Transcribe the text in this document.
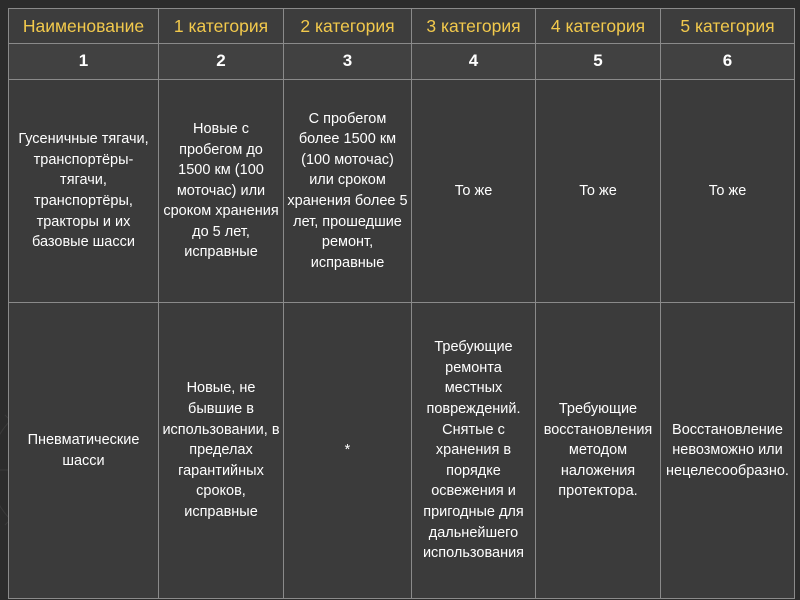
Наименование	1 категория	2 категория	3 категория	4 категория	5 категория
1	2	3	4	5	6
Гусеничные тягачи, транспортёры-тягачи, транспортёры, тракторы и их базовые шасси	Новые с пробегом до 1500 км (100 моточас) или сроком хранения до 5 лет, исправные	С пробегом более 1500 км (100 моточас) или сроком хранения более 5 лет, прошедшие ремонт, исправные	То же	То же	То же
Пневматические шасси	Новые, не бывшие в использовании, в пределах гарантийных сроков, исправные	*	Требующие ремонта местных повреждений. Снятые с хранения в порядке освежения и пригодные для дальнейшего использования	Требующие восстановления методом наложения протектора.	Восстановление невозможно или нецелесообразно.
